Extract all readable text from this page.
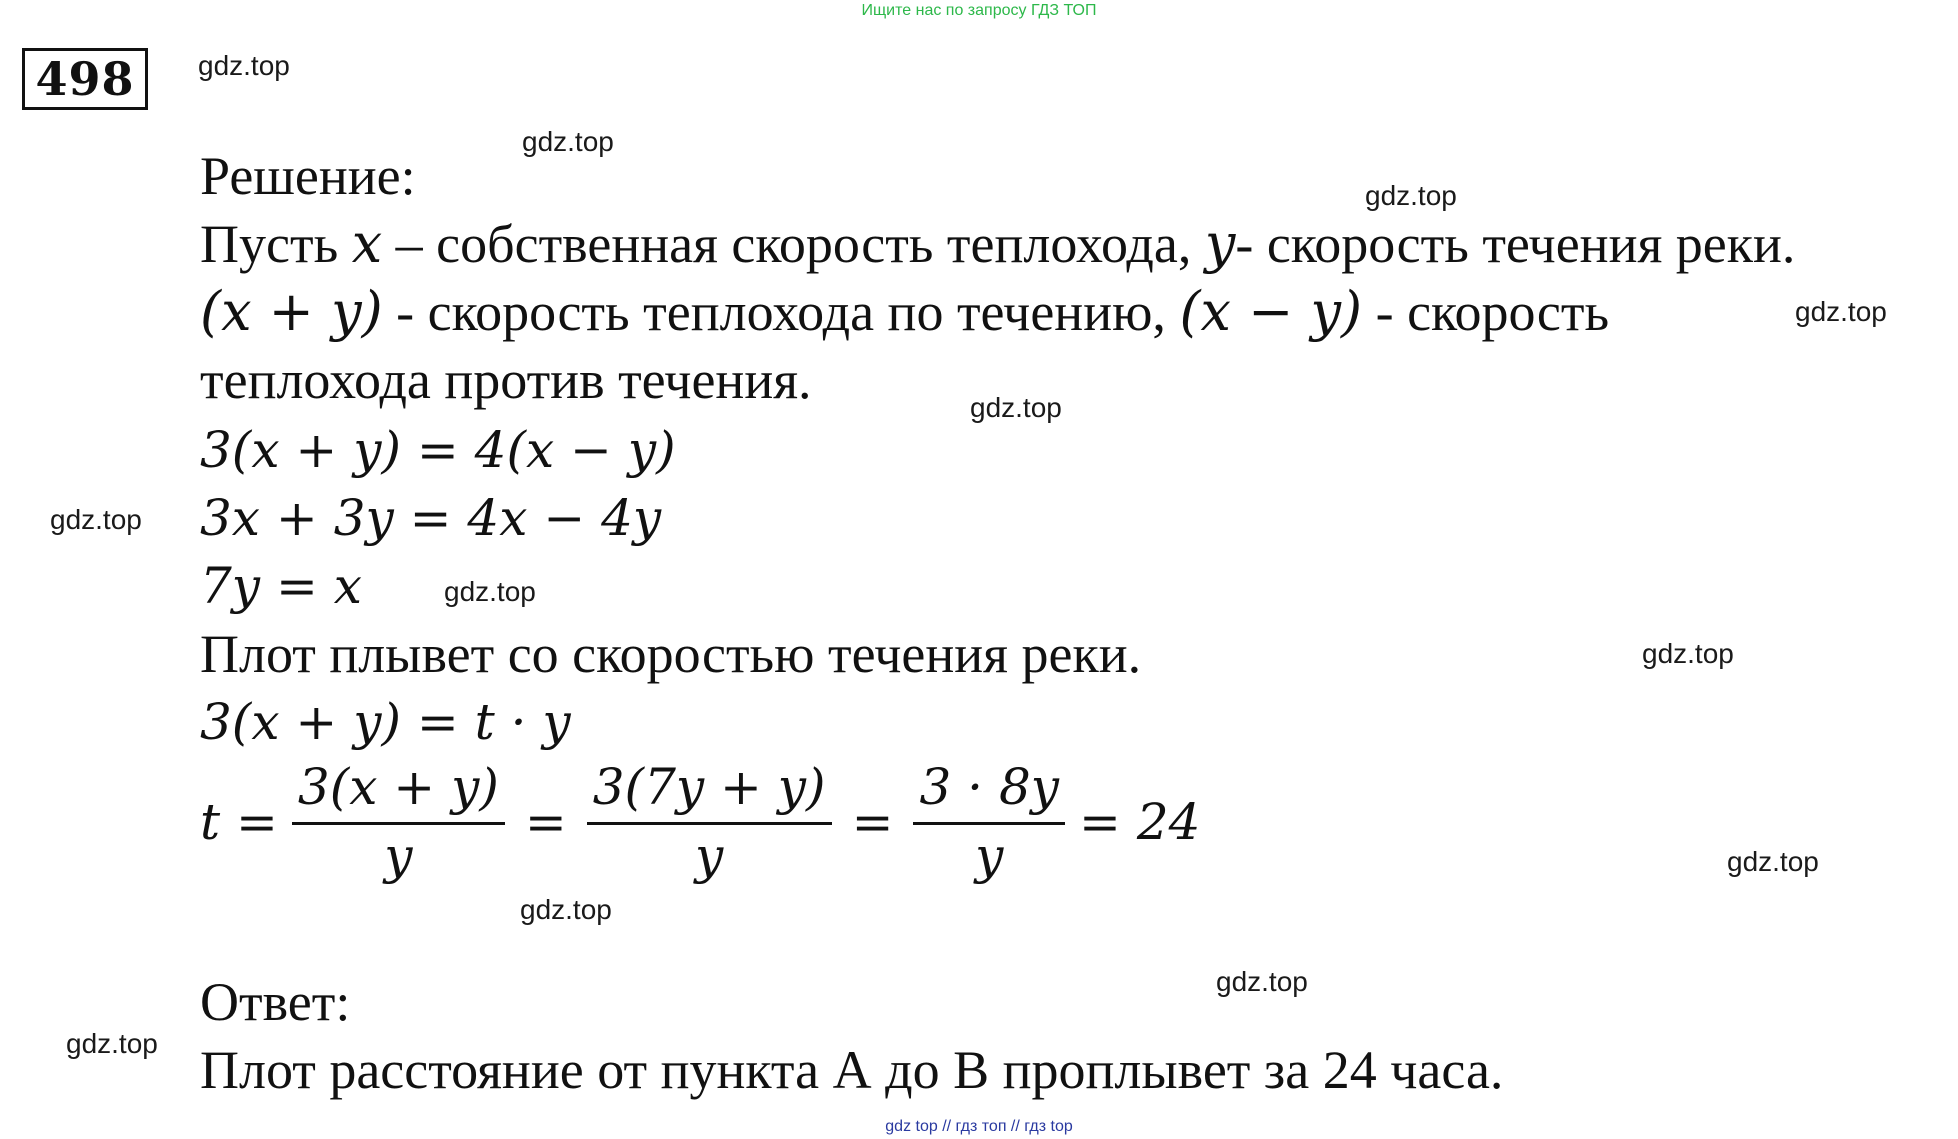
Ищите нас по запросу ГДЗ ТОП
498	gdz.top
gdz.top
gdz.top
gdz.top
gdz.top
gdz.top
gdz.top
gdz.top
gdz.top
gdz.top
gdz.top
gdz.top
Решение:
Пусть x – собственная скорость теплохода, y- скорость течения реки.
(x + y) - скорость теплохода по течению, (x − y) - скорость
теплохода против течения.
3(x + y) = 4(x − y)
3x + 3y = 4x − 4y
7y = x
Плот плывет со скоростью течения реки.
3(x + y) = t · y
$t = \frac{3(x + y)}{y} = \frac{3(7y + y)}{y} = \frac{3 \cdot 8y}{y} = 24$
Ответ:
Плот расстояние от пункта А до В проплывет за 24 часа.
gdz top // гдз топ // гдз top
